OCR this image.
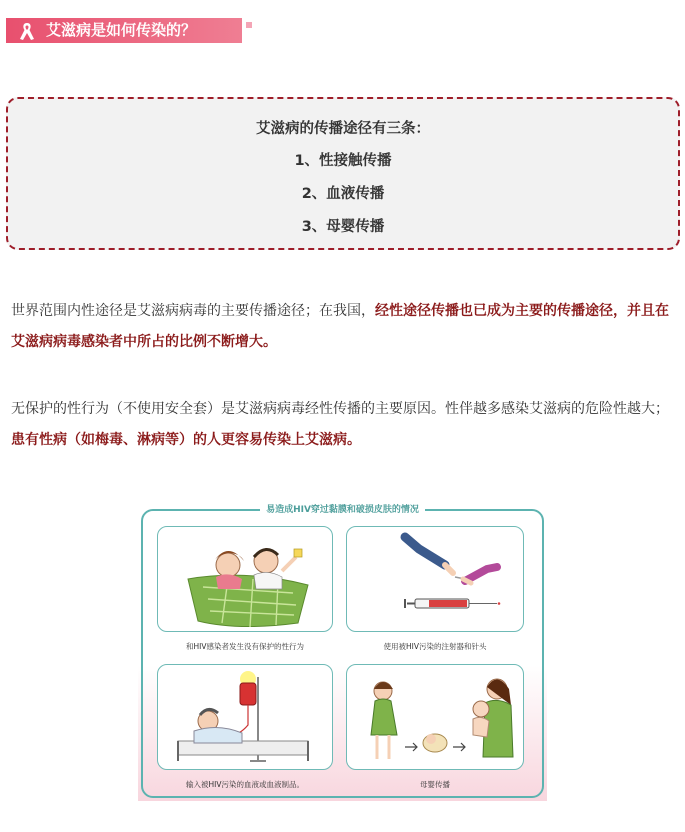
艾滋病是如何传染的？
艾滋病的传播途径有三条：
1、性接触传播
2、血液传播
3、母婴传播

世界范围内性途径是艾滋病病毒的主要传播途径；在我国，经性途径传播也已成为主要的传播途径，并且在艾滋病病毒感染者中所占的比例不断增大。

无保护的性行为（不使用安全套）是艾滋病病毒经性传播的主要原因。性伴越多感染艾滋病的危险性越大；患有性病（如梅毒、淋病等）的人更容易传染上艾滋病。

易造成HIV穿过黏膜和破损皮肤的情况
和HIV感染者发生没有保护的性行为	使用被HIV污染的注射器和针头
输入被HIV污染的血液或血液制品。	母婴传播
